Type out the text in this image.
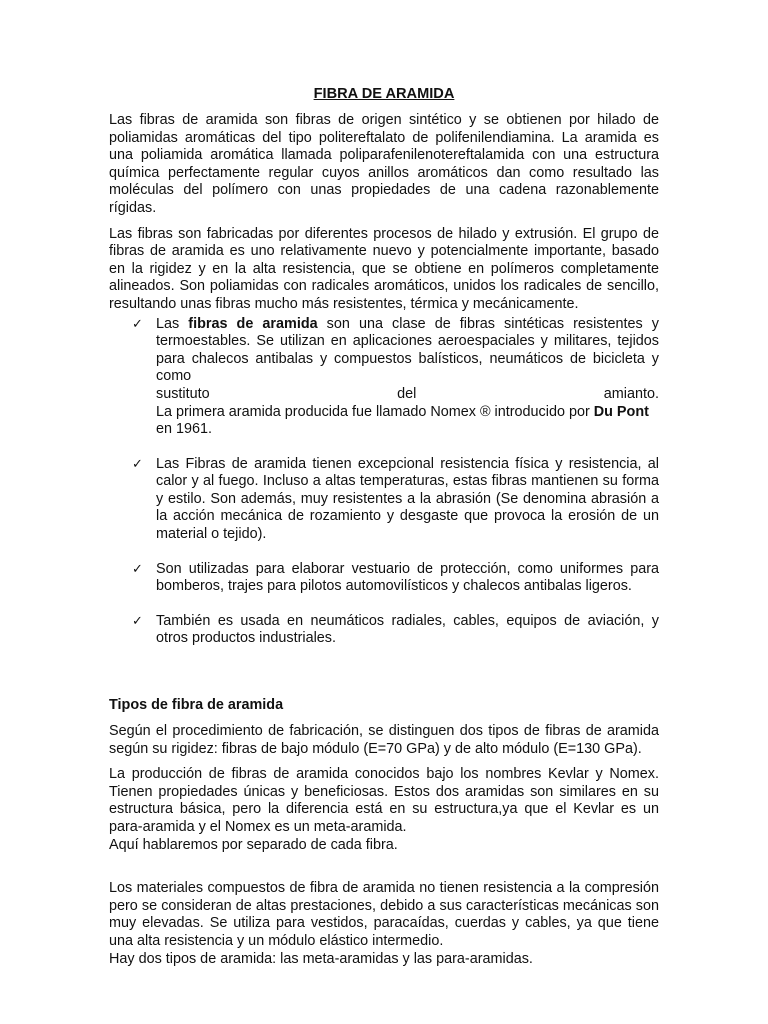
FIBRA DE ARAMIDA

Las fibras de aramida son fibras de origen sintético y se obtienen por hilado de poliamidas aromáticas del tipo politereftalato de polifenilendiamina. La aramida es una poliamida aromática llamada poliparafenilenotereftalamida con una estructura química perfectamente regular cuyos anillos aromáticos dan como resultado las moléculas del polímero con unas propiedades de una cadena razonablemente rígidas.

Las fibras son fabricadas por diferentes procesos de hilado y extrusión. El grupo de fibras de aramida es uno relativamente nuevo y potencialmente importante, basado en la rigidez y en la alta resistencia, que se obtiene en polímeros completamente alineados. Son poliamidas con radicales aromáticos, unidos los radicales de sencillo, resultando unas fibras mucho más resistentes, térmica y mecánicamente.

✓ Las fibras de aramida son una clase de fibras sintéticas resistentes y termoestables. Se utilizan en aplicaciones aeroespaciales y militares, tejidos para chalecos antibalas y compuestos balísticos, neumáticos de bicicleta y como

sustituto del amianto.

La primera aramida producida fue llamado Nomex ® introducido por Du Pont en 1961.

✓ Las Fibras de aramida tienen excepcional resistencia física y resistencia, al calor y al fuego. Incluso a altas temperaturas, estas fibras mantienen su forma y estilo. Son además, muy resistentes a la abrasión (Se denomina abrasión a la acción mecánica de rozamiento y desgaste que provoca la erosión de un material o tejido).

✓ Son utilizadas para elaborar vestuario de protección, como uniformes para bomberos, trajes para pilotos automovilísticos y chalecos antibalas ligeros.

✓ También es usada en neumáticos radiales, cables, equipos de aviación, y otros productos industriales.

Tipos de fibra de aramida

Según el procedimiento de fabricación, se distinguen dos tipos de fibras de aramida según su rigidez: fibras de bajo módulo (E=70 GPa) y de alto módulo (E=130 GPa).

La producción de fibras de aramida conocidos bajo los nombres Kevlar y Nomex. Tienen propiedades únicas y beneficiosas. Estos dos aramidas son similares en su estructura básica, pero la diferencia está en su estructura,ya que el Kevlar es un para-aramida y el Nomex es un meta-aramida.

Aquí hablaremos por separado de cada fibra.

Los materiales compuestos de fibra de aramida no tienen resistencia a la compresión pero se consideran de altas prestaciones, debido a sus características mecánicas son muy elevadas. Se utiliza para vestidos, paracaídas, cuerdas y cables, ya que tiene una alta resistencia y un módulo elástico intermedio.

Hay dos tipos de aramida: las meta-aramidas y las para-aramidas.
